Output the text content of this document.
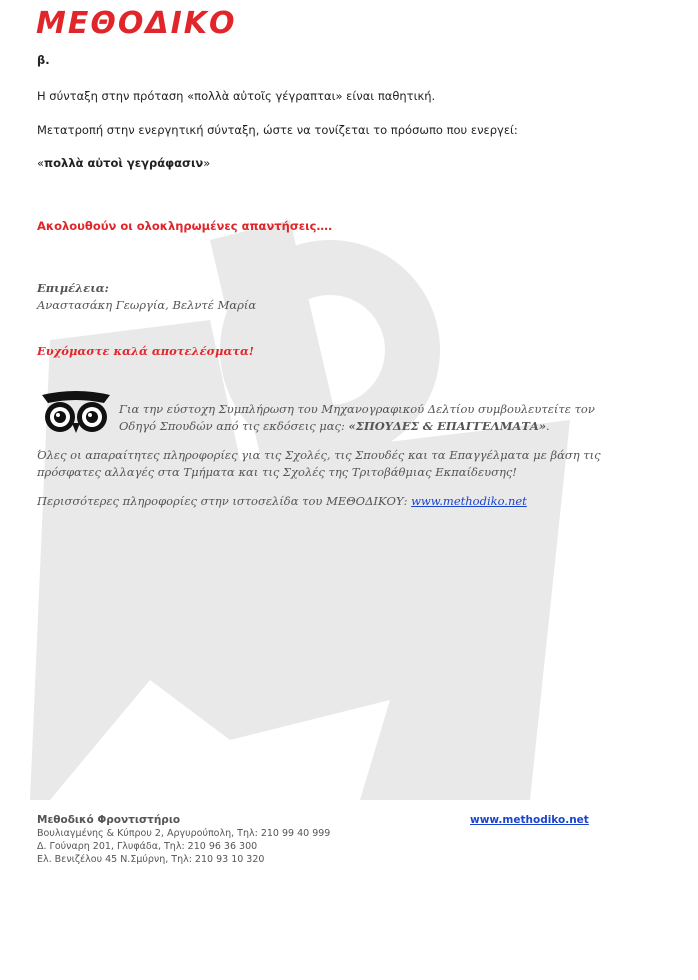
ΜΕΘΟΔΙΚΟ
β.
Η σύνταξη στην πρόταση «πολλὰ αὐτοῖς γέγραπται» είναι παθητική.
Μετατροπή στην ενεργητική σύνταξη, ώστε να τονίζεται το πρόσωπο που ενεργεί:
«πολλὰ αὐτοὶ γεγράφασιν»
Ακολουθούν οι ολοκληρωμένες απαντήσεις….
Επιμέλεια:
Αναστασάκη Γεωργία, Βελντέ Μαρία
Ευχόμαστε καλά αποτελέσματα!
Για την εύστοχη Συμπλήρωση του Μηχανογραφικού Δελτίου συμβουλευτείτε τον
Οδηγό Σπουδών από τις εκδόσεις μας: «ΣΠΟΥΔΕΣ & ΕΠΑΓΓΕΛΜΑΤΑ».
Όλες οι απαραίτητες πληροφορίες για τις Σχολές, τις Σπουδές και τα Επαγγέλματα με βάση τις
πρόσφατες αλλαγές στα Τμήματα και τις Σχολές της Τριτοβάθμιας Εκπαίδευσης!
Περισσότερες πληροφορίες στην ιστοσελίδα του ΜΕΘΟΔΙΚΟΥ: www.methodiko.net
Μεθοδικό Φροντιστήριο
Βουλιαγμένης & Κύπρου 2, Αργυρούπολη, Τηλ: 210 99 40 999
Δ. Γούναρη 201, Γλυφάδα, Τηλ: 210 96 36 300
Ελ. Βενιζέλου 45 Ν.Σμύρνη, Τηλ: 210 93 10 320
www.methodiko.net
